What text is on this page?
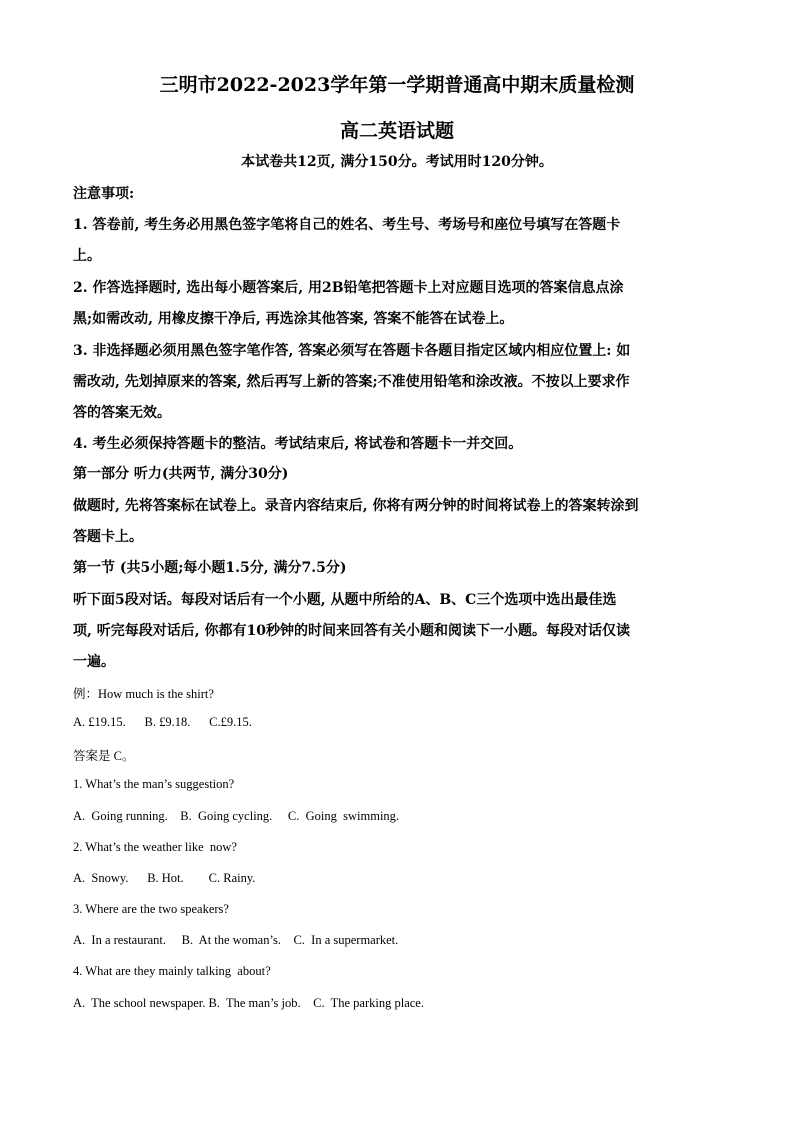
三明市2022-2023学年第一学期普通高中期末质量检测
高二英语试题
本试卷共12页, 满分150分。考试用时120分钟。
注意事项:
1. 答卷前, 考生务必用黑色签字笔将自己的姓名、考生号、考场号和座位号填写在答题卡
上。
2. 作答选择题时, 选出每小题答案后, 用2B铅笔把答题卡上对应题目选项的答案信息点涂
黑;如需改动, 用橡皮擦干净后, 再选涂其他答案, 答案不能答在试卷上。
3. 非选择题必须用黑色签字笔作答, 答案必须写在答题卡各题目指定区域内相应位置上: 如
需改动, 先划掉原来的答案, 然后再写上新的答案;不准使用铅笔和涂改液。不按以上要求作
答的答案无效。
4. 考生必须保持答题卡的整洁。考试结束后, 将试卷和答题卡一并交回。
第一部分 听力(共两节, 满分30分)
做题时, 先将答案标在试卷上。录音内容结束后, 你将有两分钟的时间将试卷上的答案转涂到
答题卡上。
第一节 (共5小题;每小题1.5分, 满分7.5分)
听下面5段对话。每段对话后有一个小题, 从题中所给的A、B、C三个选项中选出最佳选
项, 听完每段对话后, 你都有10秒钟的时间来回答有关小题和阅读下一小题。每段对话仅读
一遍。
例：How much is the shirt?
A. £19.15.      B. £9.18.      C.£9.15.
答案是 C。
1. What’s the man’s suggestion?
A.  Going running.    B.  Going cycling.     C.  Going  swimming.
2. What’s the weather like  now?
A.  Snowy.      B. Hot.        C. Rainy.
3. Where are the two speakers?
A.  In a restaurant.     B.  At the woman’s.    C.  In a supermarket.
4. What are they mainly talking  about?
A.  The school newspaper. B.  The man’s job.    C.  The parking place.
